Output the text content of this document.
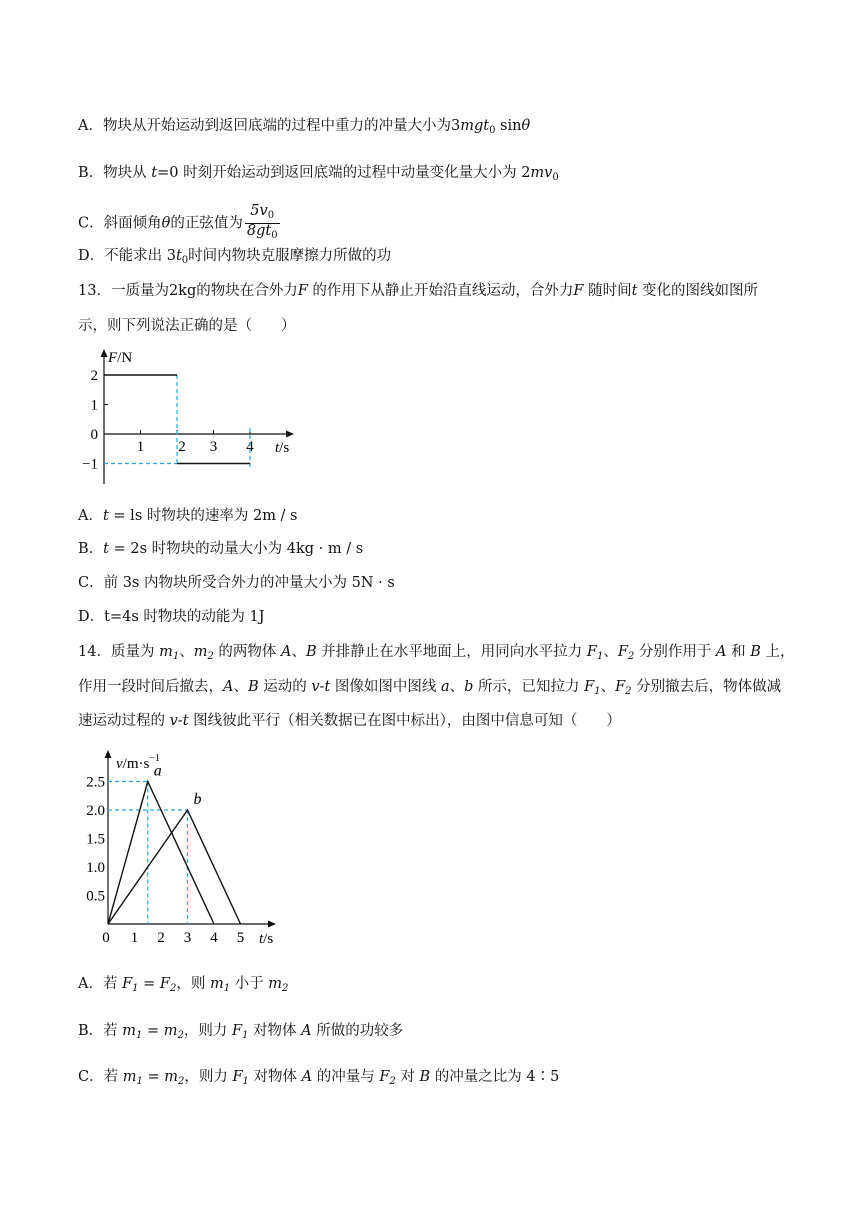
A．物块从开始运动到返回底端的过程中重力的冲量大小为3mgt$_0$ sinθ
B．物块从 t=0 时刻开始运动到返回底端的过程中动量变化量大小为 $2mv_0$
C．斜面倾角θ的正弦值为 $\frac{5v_0}{8gt_0}$
D．不能求出 $3t_0$时间内物块克服摩擦力所做的功
13．一质量为2kg的物块在合外力F 的作用下从静止开始沿直线运动，合外力F 随时间t 变化的图线如图所
示，则下列说法正确的是（　　）
F/N
t/s
2
1
0
−1
1 2 3 4
A．t = ls 时物块的速率为 2m / s
B．t = 2s 时物块的动量大小为 4kg · m / s
C．前 3s 内物块所受合外力的冲量大小为 5N · s
D．t=4s 时物块的动能为 1J
14．质量为 $m_1$、$m_2$ 的两物体 A、B 并排静止在水平地面上，用同向水平拉力 $F_1$、$F_2$ 分别作用于 A 和 B 上，
作用一段时间后撤去，A、B 运动的 v-t 图像如图中图线 a、b 所示，已知拉力 $F_1$、$F_2$ 分别撤去后，物体做减
速运动过程的 v-t 图线彼此平行（相关数据已在图中标出），由图中信息可知（　　）
$v/m\cdot s^{-1}$
t/s
2.5
2.0
1.5
1.0
0.5
0 1 2 3 4 5
a
b
A．若 $F_1 = F_2$，则 $m_1$ 小于 $m_2$
B．若 $m_1 = m_2$，则力 $F_1$ 对物体 A 所做的功较多
C．若 $m_1 = m_2$，则力 $F_1$ 对物体 A 的冲量与 $F_2$ 对 B 的冲量之比为 4∶5
